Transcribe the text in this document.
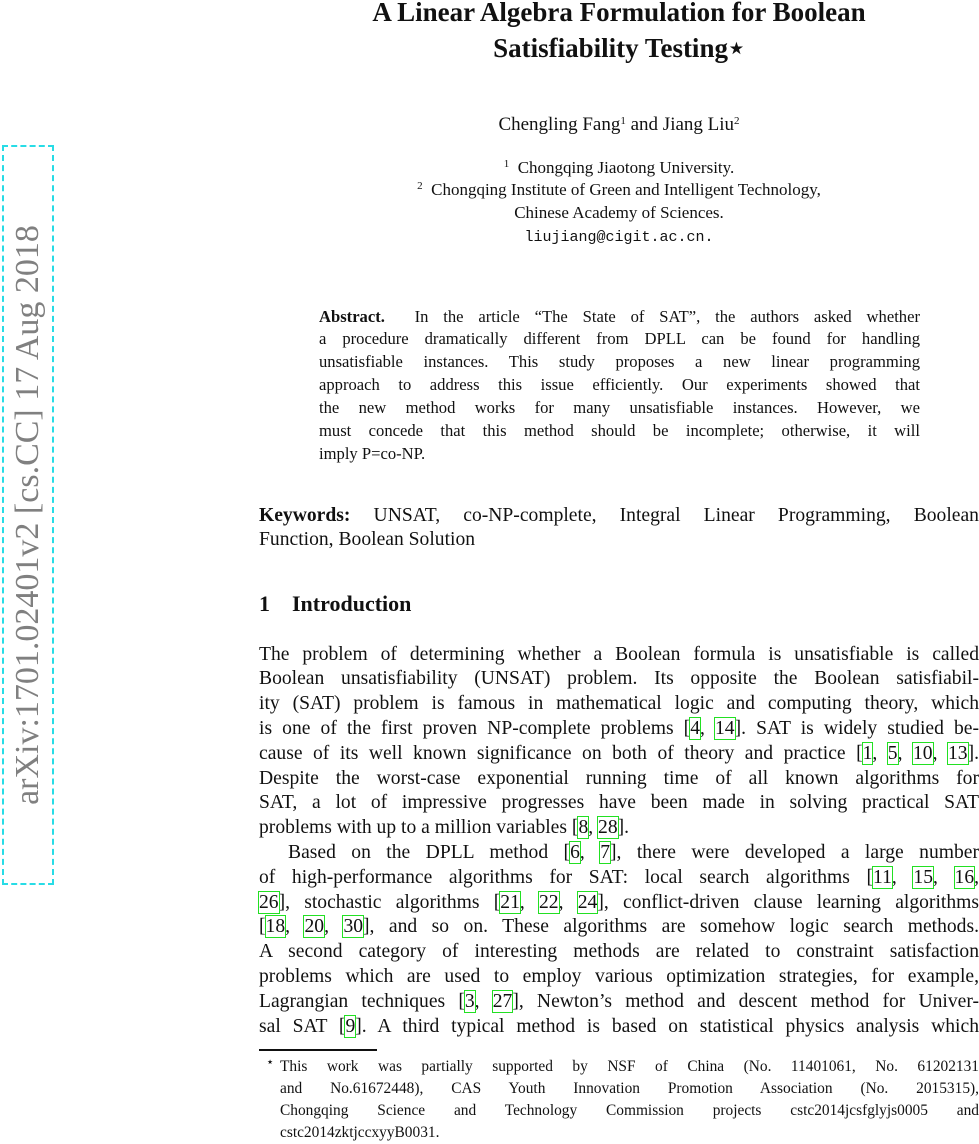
arXiv:1701.02401v2 [cs.CC] 17 Aug 2018
A Linear Algebra Formulation for Boolean
Satisfiability Testing⋆
Chengling Fang$^1$ and Jiang Liu$^2$
$^1$ Chongqing Jiaotong University.
$^2$ Chongqing Institute of Green and Intelligent Technology,
Chinese Academy of Sciences.
liujiang@cigit.ac.cn.
Abstract. In the article “The State of SAT”, the authors asked whether
a procedure dramatically different from DPLL can be found for handling
unsatisfiable instances. This study proposes a new linear programming
approach to address this issue efficiently. Our experiments showed that
the new method works for many unsatisfiable instances. However, we
must concede that this method should be incomplete; otherwise, it will
imply P=co-NP.
Keywords: UNSAT, co-NP-complete, Integral Linear Programming, Boolean
Function, Boolean Solution
1 Introduction
The problem of determining whether a Boolean formula is unsatisfiable is called
Boolean unsatisfiability (UNSAT) problem. Its opposite the Boolean satisfiabil-
ity (SAT) problem is famous in mathematical logic and computing theory, which
is one of the first proven NP-complete problems [4, 14]. SAT is widely studied be-
cause of its well known significance on both of theory and practice [1, 5, 10, 13].
Despite the worst-case exponential running time of all known algorithms for
SAT, a lot of impressive progresses have been made in solving practical SAT
problems with up to a million variables [8, 28].
Based on the DPLL method [6, 7], there were developed a large number
of high-performance algorithms for SAT: local search algorithms [11, 15, 16,
26], stochastic algorithms [21, 22, 24], conflict-driven clause learning algorithms
[18, 20, 30], and so on. These algorithms are somehow logic search methods.
A second category of interesting methods are related to constraint satisfaction
problems which are used to employ various optimization strategies, for example,
Lagrangian techniques [3, 27], Newton’s method and descent method for Univer-
sal SAT [9]. A third typical method is based on statistical physics analysis which
⋆ This work was partially supported by NSF of China (No. 11401061, No. 61202131
and No.61672448), CAS Youth Innovation Promotion Association (No. 2015315),
Chongqing Science and Technology Commission projects cstc2014jcsfglyjs0005 and
cstc2014zktjccxyyB0031.
